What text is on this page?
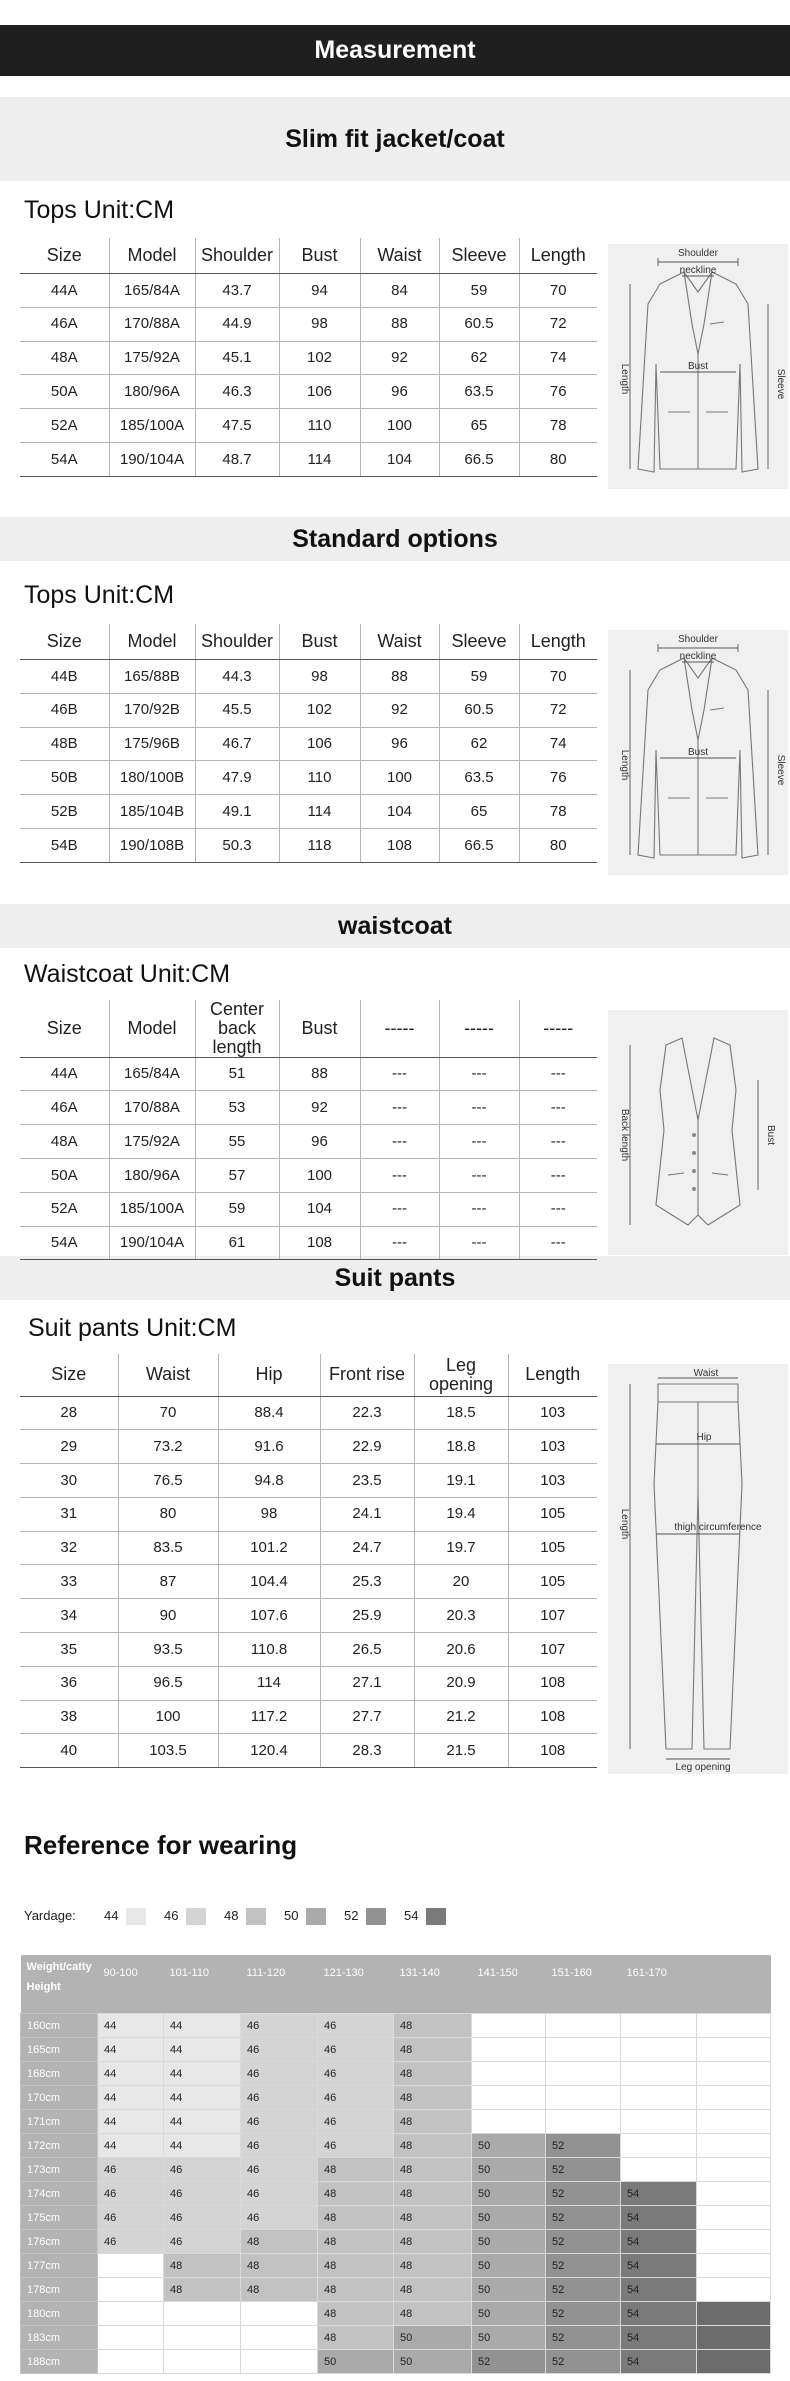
Measurement
Slim fit jacket/coat
Standard options
waistcoat
Suit pants
Tops Unit:CM
Tops Unit:CM
Waistcoat Unit:CM
Suit pants Unit:CM
Size	Model	Shoulder	Bust	Waist	Sleeve	Length
44A	165/84A	43.7	94	84	59	70
46A	170/88A	44.9	98	88	60.5	72
48A	175/92A	45.1	102	92	62	74
50A	180/96A	46.3	106	96	63.5	76
52A	185/100A	47.5	110	100	65	78
54A	190/104A	48.7	114	104	66.5	80
Size	Model	Shoulder	Bust	Waist	Sleeve	Length
44B	165/88B	44.3	98	88	59	70
46B	170/92B	45.5	102	92	60.5	72
48B	175/96B	46.7	106	96	62	74
50B	180/100B	47.9	110	100	63.5	76
52B	185/104B	49.1	114	104	65	78
54B	190/108B	50.3	118	108	66.5	80
Size	Model	Center back length	Bust	-----	-----	-----
44A	165/84A	51	88	---	---	---
46A	170/88A	53	92	---	---	---
48A	175/92A	55	96	---	---	---
50A	180/96A	57	100	---	---	---
52A	185/100A	59	104	---	---	---
54A	190/104A	61	108	---	---	---
Size	Waist	Hip	Front rise	Leg opening	Length
28	70	88.4	22.3	18.5	103
29	73.2	91.6	22.9	18.8	103
30	76.5	94.8	23.5	19.1	103
31	80	98	24.1	19.4	105
32	83.5	101.2	24.7	19.7	105
33	87	104.4	25.3	20	105
34	90	107.6	25.9	20.3	107
35	93.5	110.8	26.5	20.6	107
36	96.5	114	27.1	20.9	108
38	100	117.2	27.7	21.2	108
40	103.5	120.4	28.3	21.5	108
Shoulder
neckline
Bust
Length	Sleeve
Shoulder
neckline
Bust
Length	Sleeve
Back length	Bust
Waist
Hip
Length	thigh circumference
Leg opening
Reference for wearing
Yardage: 44	46	48	50	52	54
Weight/catty
Height	90-100	101-110	111-120	121-130	131-140	141-150	151-160	161-170	
160cm	44	44	46	46	48				
165cm	44	44	46	46	48				
168cm	44	44	46	46	48				
170cm	44	44	46	46	48				
171cm	44	44	46	46	48				
172cm	44	44	46	46	48	50	52		
173cm	46	46	46	48	48	50	52		
174cm	46	46	46	48	48	50	52	54	
175cm	46	46	46	48	48	50	52	54	
176cm	46	46	48	48	48	50	52	54	
177cm		48	48	48	48	50	52	54	
178cm		48	48	48	48	50	52	54	
180cm				48	48	50	52	54	
183cm				48	50	50	52	54	
188cm				50	50	52	52	54	
